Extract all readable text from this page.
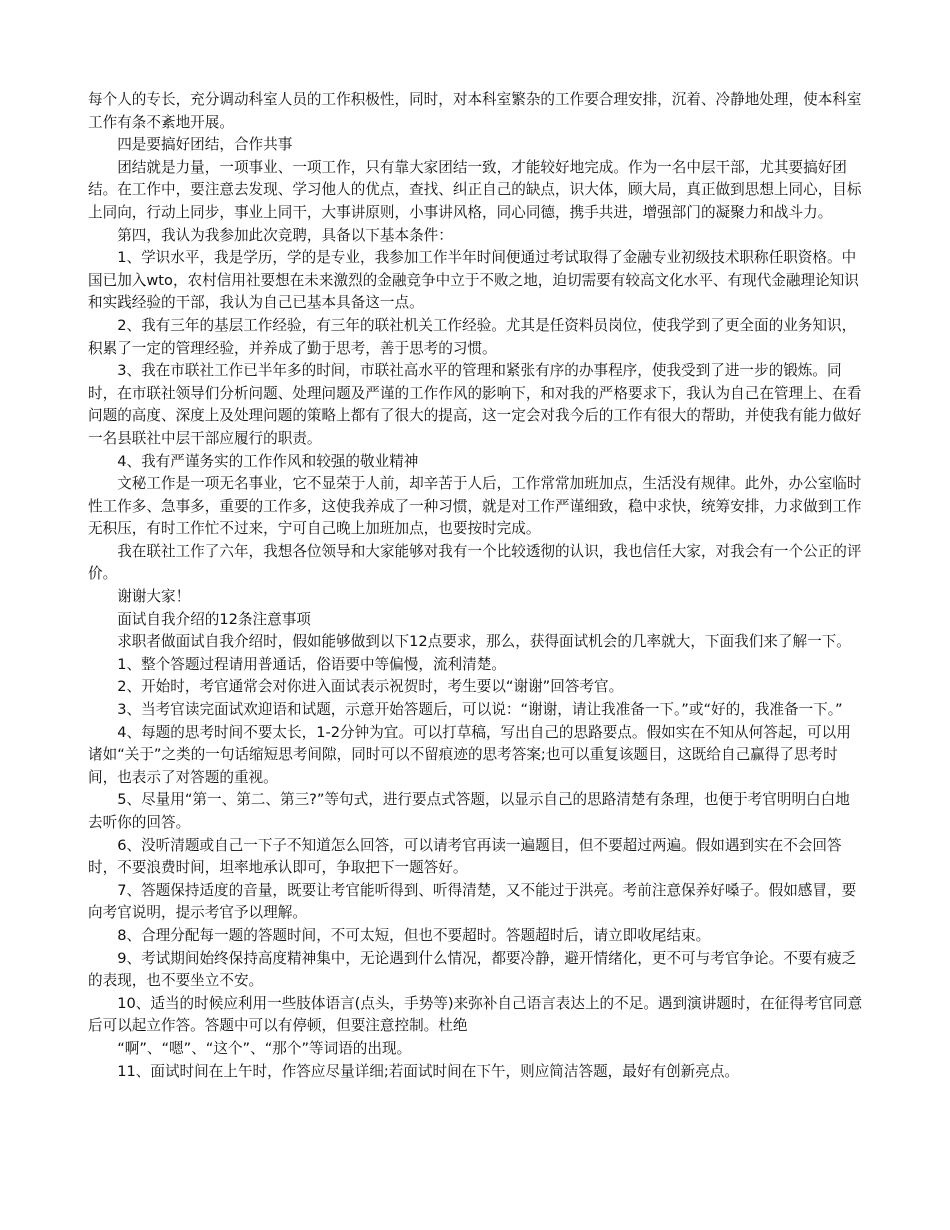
每个人的专长，充分调动科室人员的工作积极性，同时，对本科室繁杂的工作要合理安排，沉着、冷静地处理，使本科室工作有条不紊地开展。

四是要搞好团结，合作共事

团结就是力量，一项事业、一项工作，只有靠大家团结一致，才能较好地完成。作为一名中层干部，尤其要搞好团结。在工作中，要注意去发现、学习他人的优点，查找、纠正自己的缺点，识大体，顾大局，真正做到思想上同心，目标上同向，行动上同步，事业上同干，大事讲原则，小事讲风格，同心同德，携手共进，增强部门的凝聚力和战斗力。

第四，我认为我参加此次竞聘，具备以下基本条件：

1、学识水平，我是学历，学的是专业，我参加工作半年时间便通过考试取得了金融专业初级技术职称任职资格。中国已加入wto，农村信用社要想在未来激烈的金融竞争中立于不败之地，迫切需要有较高文化水平、有现代金融理论知识和实践经验的干部，我认为自己已基本具备这一点。

2、我有三年的基层工作经验，有三年的联社机关工作经验。尤其是任资料员岗位，使我学到了更全面的业务知识，积累了一定的管理经验，并养成了勤于思考，善于思考的习惯。

3、我在市联社工作已半年多的时间，市联社高水平的管理和紧张有序的办事程序，使我受到了进一步的锻炼。同时，在市联社领导们分析问题、处理问题及严谨的工作作风的影响下，和对我的严格要求下，我认为自己在管理上、在看问题的高度、深度上及处理问题的策略上都有了很大的提高，这一定会对我今后的工作有很大的帮助，并使我有能力做好一名县联社中层干部应履行的职责。

4、我有严谨务实的工作作风和较强的敬业精神

文秘工作是一项无名事业，它不显荣于人前，却辛苦于人后，工作常常加班加点，生活没有规律。此外，办公室临时性工作多、急事多，重要的工作多，这使我养成了一种习惯，就是对工作严谨细致，稳中求快，统筹安排，力求做到工作无积压，有时工作忙不过来，宁可自己晚上加班加点，也要按时完成。

我在联社工作了六年，我想各位领导和大家能够对我有一个比较透彻的认识，我也信任大家，对我会有一个公正的评价。

谢谢大家！

面试自我介绍的12条注意事项

求职者做面试自我介绍时，假如能够做到以下12点要求，那么，获得面试机会的几率就大，下面我们来了解一下。

1、整个答题过程请用普通话，俗语要中等偏慢，流利清楚。

2、开始时，考官通常会对你进入面试表示祝贺时，考生要以“谢谢”回答考官。

3、当考官读完面试欢迎语和试题，示意开始答题后，可以说：“谢谢，请让我准备一下。”或“好的，我准备一下。”

4、每题的思考时间不要太长，1-2分钟为宜。可以打草稿，写出自己的思路要点。假如实在不知从何答起，可以用诸如“关于”之类的一句话缩短思考间隙，同时可以不留痕迹的思考答案;也可以重复该题目，这既给自己赢得了思考时间，也表示了对答题的重视。

5、尽量用“第一、第二、第三?”等句式，进行要点式答题，以显示自己的思路清楚有条理，也便于考官明明白白地去听你的回答。

6、没听清题或自己一下子不知道怎么回答，可以请考官再读一遍题目，但不要超过两遍。假如遇到实在不会回答时，不要浪费时间，坦率地承认即可，争取把下一题答好。

7、答题保持适度的音量，既要让考官能听得到、听得清楚，又不能过于洪亮。考前注意保养好嗓子。假如感冒，要向考官说明，提示考官予以理解。

8、合理分配每一题的答题时间，不可太短，但也不要超时。答题超时后，请立即收尾结束。

9、考试期间始终保持高度精神集中，无论遇到什么情况，都要冷静，避开情绪化，更不可与考官争论。不要有疲乏的表现，也不要坐立不安。

10、适当的时候应利用一些肢体语言(点头，手势等)来弥补自己语言表达上的不足。遇到演讲题时，在征得考官同意后可以起立作答。答题中可以有停顿，但要注意控制。杜绝

“啊”、“嗯”、“这个”、“那个”等词语的出现。

11、面试时间在上午时，作答应尽量详细;若面试时间在下午，则应简洁答题，最好有创新亮点。
